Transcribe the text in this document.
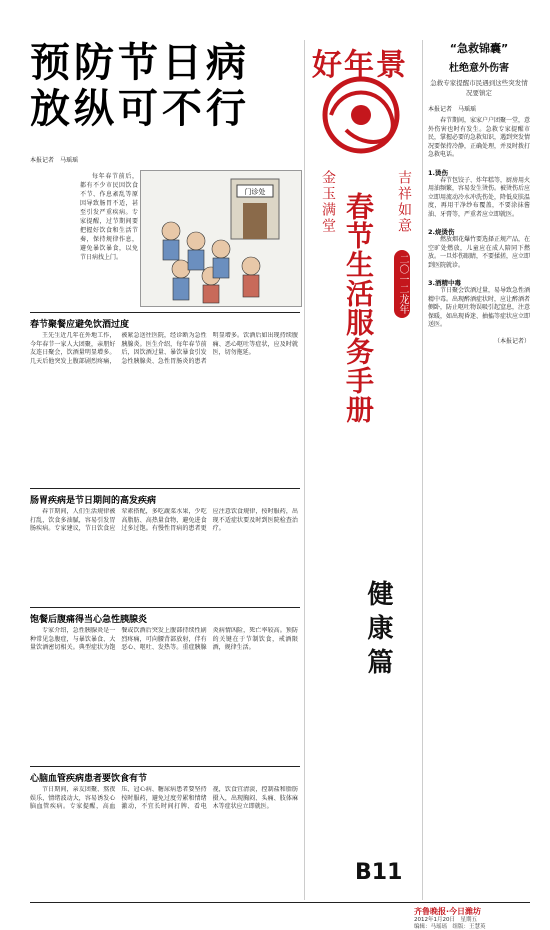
预防节日病
放纵可不行
本报记者　马瑶瑶

每年春节前后，都有不少市民因饮食不节、作息紊乱等原因导致肠胃不适，甚至引发严重疾病。专家提醒，过节期间要把握好饮食和生活节奏，保持规律作息，避免暴饮暴食，以免节日病找上门。

门诊处
春节聚餐应避免饮酒过度

王先生近几年在外地工作，今年春节一家人大团聚，亲朋好友连日聚会，饮酒量明显增多。几天后他突发上腹部剧烈疼痛，被紧急送往医院，经诊断为急性胰腺炎。医生介绍，每年春节前后，因饮酒过量、暴饮暴食引发急性胰腺炎、急性胃肠炎的患者明显增多。饮酒后如出现持续腹痛、恶心呕吐等症状，应及时就医，切勿拖延。

肠胃疾病是节日期间的高发疾病

春节期间，人们生活规律被打乱，饮食多油腻，容易引发胃肠疾病。专家建议，节日饮食应荤素搭配，多吃蔬菜水果，少吃高脂肪、高热量食物，避免进食过多过饱。有慢性胃病的患者更应注意饮食规律，按时服药，出现不适症状要及时到医院检查治疗。

饱餐后腹痛得当心急性胰腺炎

专家介绍，急性胰腺炎是一种常见急腹症，与暴饮暴食、大量饮酒密切相关。典型症状为饱餐或饮酒后突发上腹部持续性剧烈疼痛，可向腰背部放射，伴有恶心、呕吐、发热等。重症胰腺炎病情凶险，死亡率较高。预防的关键在于节制饮食，戒酒限酒，规律生活。

心脑血管疾病患者要饮食有节

节日期间，亲友团聚、熬夜娱乐，情绪波动大，容易诱发心脑血管疾病。专家提醒，高血压、冠心病、糖尿病患者要坚持按时服药，避免过度劳累和情绪激动，不宜长时间打牌、看电视，饮食宜清淡，控制盐和脂肪摄入，出现胸闷、头痛、肢体麻木等症状应立即就医。

好年景
金玉满堂	吉祥如意
春节生活服务手册	二〇一二龙年
健康篇
B11
“急救锦囊”
杜绝意外伤害
急救专家提醒市民遇到这些突发情况要镇定
本报记者　马瑶瑶

春节期间，家家户户团聚一堂，意外伤害也时有发生。急救专家提醒市民，掌握必要的急救知识，遇到突发情况要保持冷静，正确处理，并及时拨打急救电话。

1.烫伤

春节包饺子、炸年糕等，厨房用火用油频繁，容易发生烫伤。被烫伤后应立即用流动冷水冲洗伤处，降低皮肤温度，再用干净纱布覆盖，不要涂抹酱油、牙膏等，严重者应立即就医。

2.烧烫伤

燃放烟花爆竹要选择正规产品，在空旷处燃放，儿童应在成人陪同下燃放。一旦炸伤眼睛，不要揉搓，应立即到医院就诊。

3.酒精中毒

节日聚会饮酒过量，易导致急性酒精中毒。出现醉酒症状时，应让醉酒者侧卧，防止呕吐物误吸引起窒息，注意保暖，如出现昏迷、抽搐等症状应立即送医。

（本报记者）
齐鲁晚报·今日潍坊
2012年1月20日　星期五
编辑：马瑶瑶　组版：王慧英
